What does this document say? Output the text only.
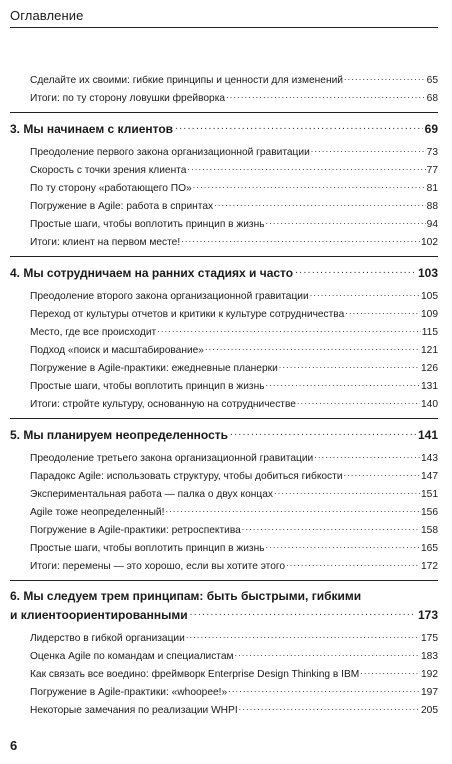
Оглавление
Сделайте их своими: гибкие принципы и ценности для изменений .....	65
Итоги: по ту сторону ловушки фрейворка .....	68
3. Мы начинаем с клиентов .....	69
Преодоление первого закона организационной гравитации .....	73
Скорость с точки зрения клиента .....	77
По ту сторону «работающего ПО» .....	81
Погружение в Agile: работа в спринтах .....	88
Простые шаги, чтобы воплотить принцип в жизнь .....	94
Итоги: клиент на первом месте! .....	102
4. Мы сотрудничаем на ранних стадиях и часто .....	103
Преодоление второго закона организационной гравитации .....	105
Переход от культуры отчетов и критики к культуре сотрудничества .....	109
Место, где все происходит .....	115
Подход «поиск и масштабирование» .....	121
Погружение в Agile-практики: ежедневные планерки .....	126
Простые шаги, чтобы воплотить принцип в жизнь .....	131
Итоги: стройте культуру, основанную на сотрудничестве .....	140
5. Мы планируем неопределенность .....	141
Преодоление третьего закона организационной гравитации .....	143
Парадокс Agile: использовать структуру, чтобы добиться гибкости .....	147
Экспериментальная работа — палка о двух концах .....	151
Agile тоже неопределенный! .....	156
Погружение в Agile-практики: ретроспектива .....	158
Простые шаги, чтобы воплотить принцип в жизнь .....	165
Итоги: перемены — это хорошо, если вы хотите этого .....	172
6. Мы следуем трем принципам: быть быстрыми, гибкими
и клиентоориентированными .....	173
Лидерство в гибкой организации .....	175
Оценка Agile по командам и специалистам .....	183
Как связать все воедино: фреймворк Enterprise Design Thinking в IBM .....	192
Погружение в Agile-практики: «whoopee!» .....	197
Некоторые замечания по реализации WHPI .....	205
6
